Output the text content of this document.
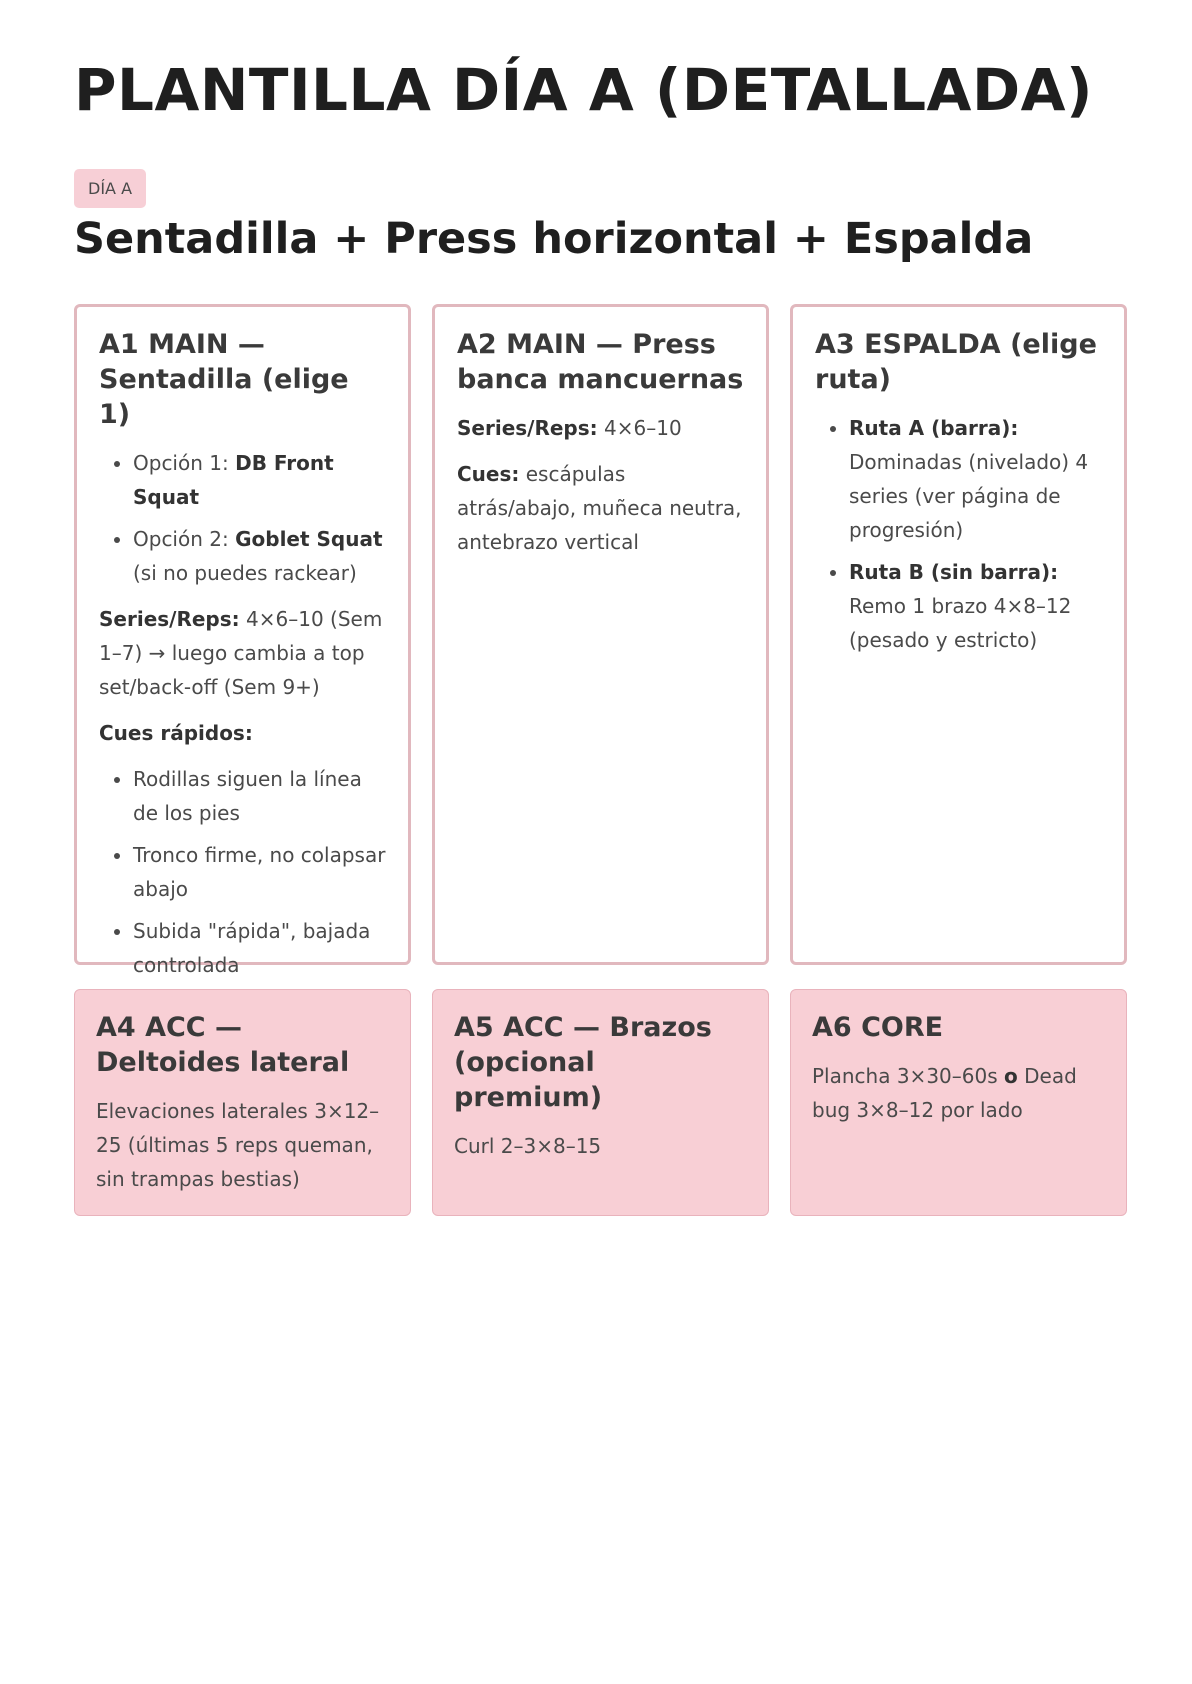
PLANTILLA DÍA A (DETALLADA)
DÍA A
Sentadilla + Press horizontal + Espalda
A1 MAIN — Sentadilla (elige 1)
• Opción 1: DB Front Squat
• Opción 2: Goblet Squat (si no puedes rackear)

Series/Reps: 4×6–10 (Sem 1–7) → luego cambia a top set/back-off (Sem 9+)

Cues rápidos:

• Rodillas siguen la línea de los pies
• Tronco firme, no colapsar abajo
• Subida "rápida", bajada controlada
A2 MAIN — Press banca mancuernas

Series/Reps: 4×6–10

Cues: escápulas atrás/abajo, muñeca neutra, antebrazo vertical

A3 ESPALDA (elige ruta)
• Ruta A (barra): Dominadas (nivelado) 4 series (ver página de progresión)
• Ruta B (sin barra): Remo 1 brazo 4×8–12 (pesado y estricto)
A4 ACC — Deltoides lateral

Elevaciones laterales 3×12–25 (últimas 5 reps queman, sin trampas bestias)

A5 ACC — Brazos (opcional premium)

Curl 2–3×8–15

A6 CORE

Plancha 3×30–60s o Dead bug 3×8–12 por lado
